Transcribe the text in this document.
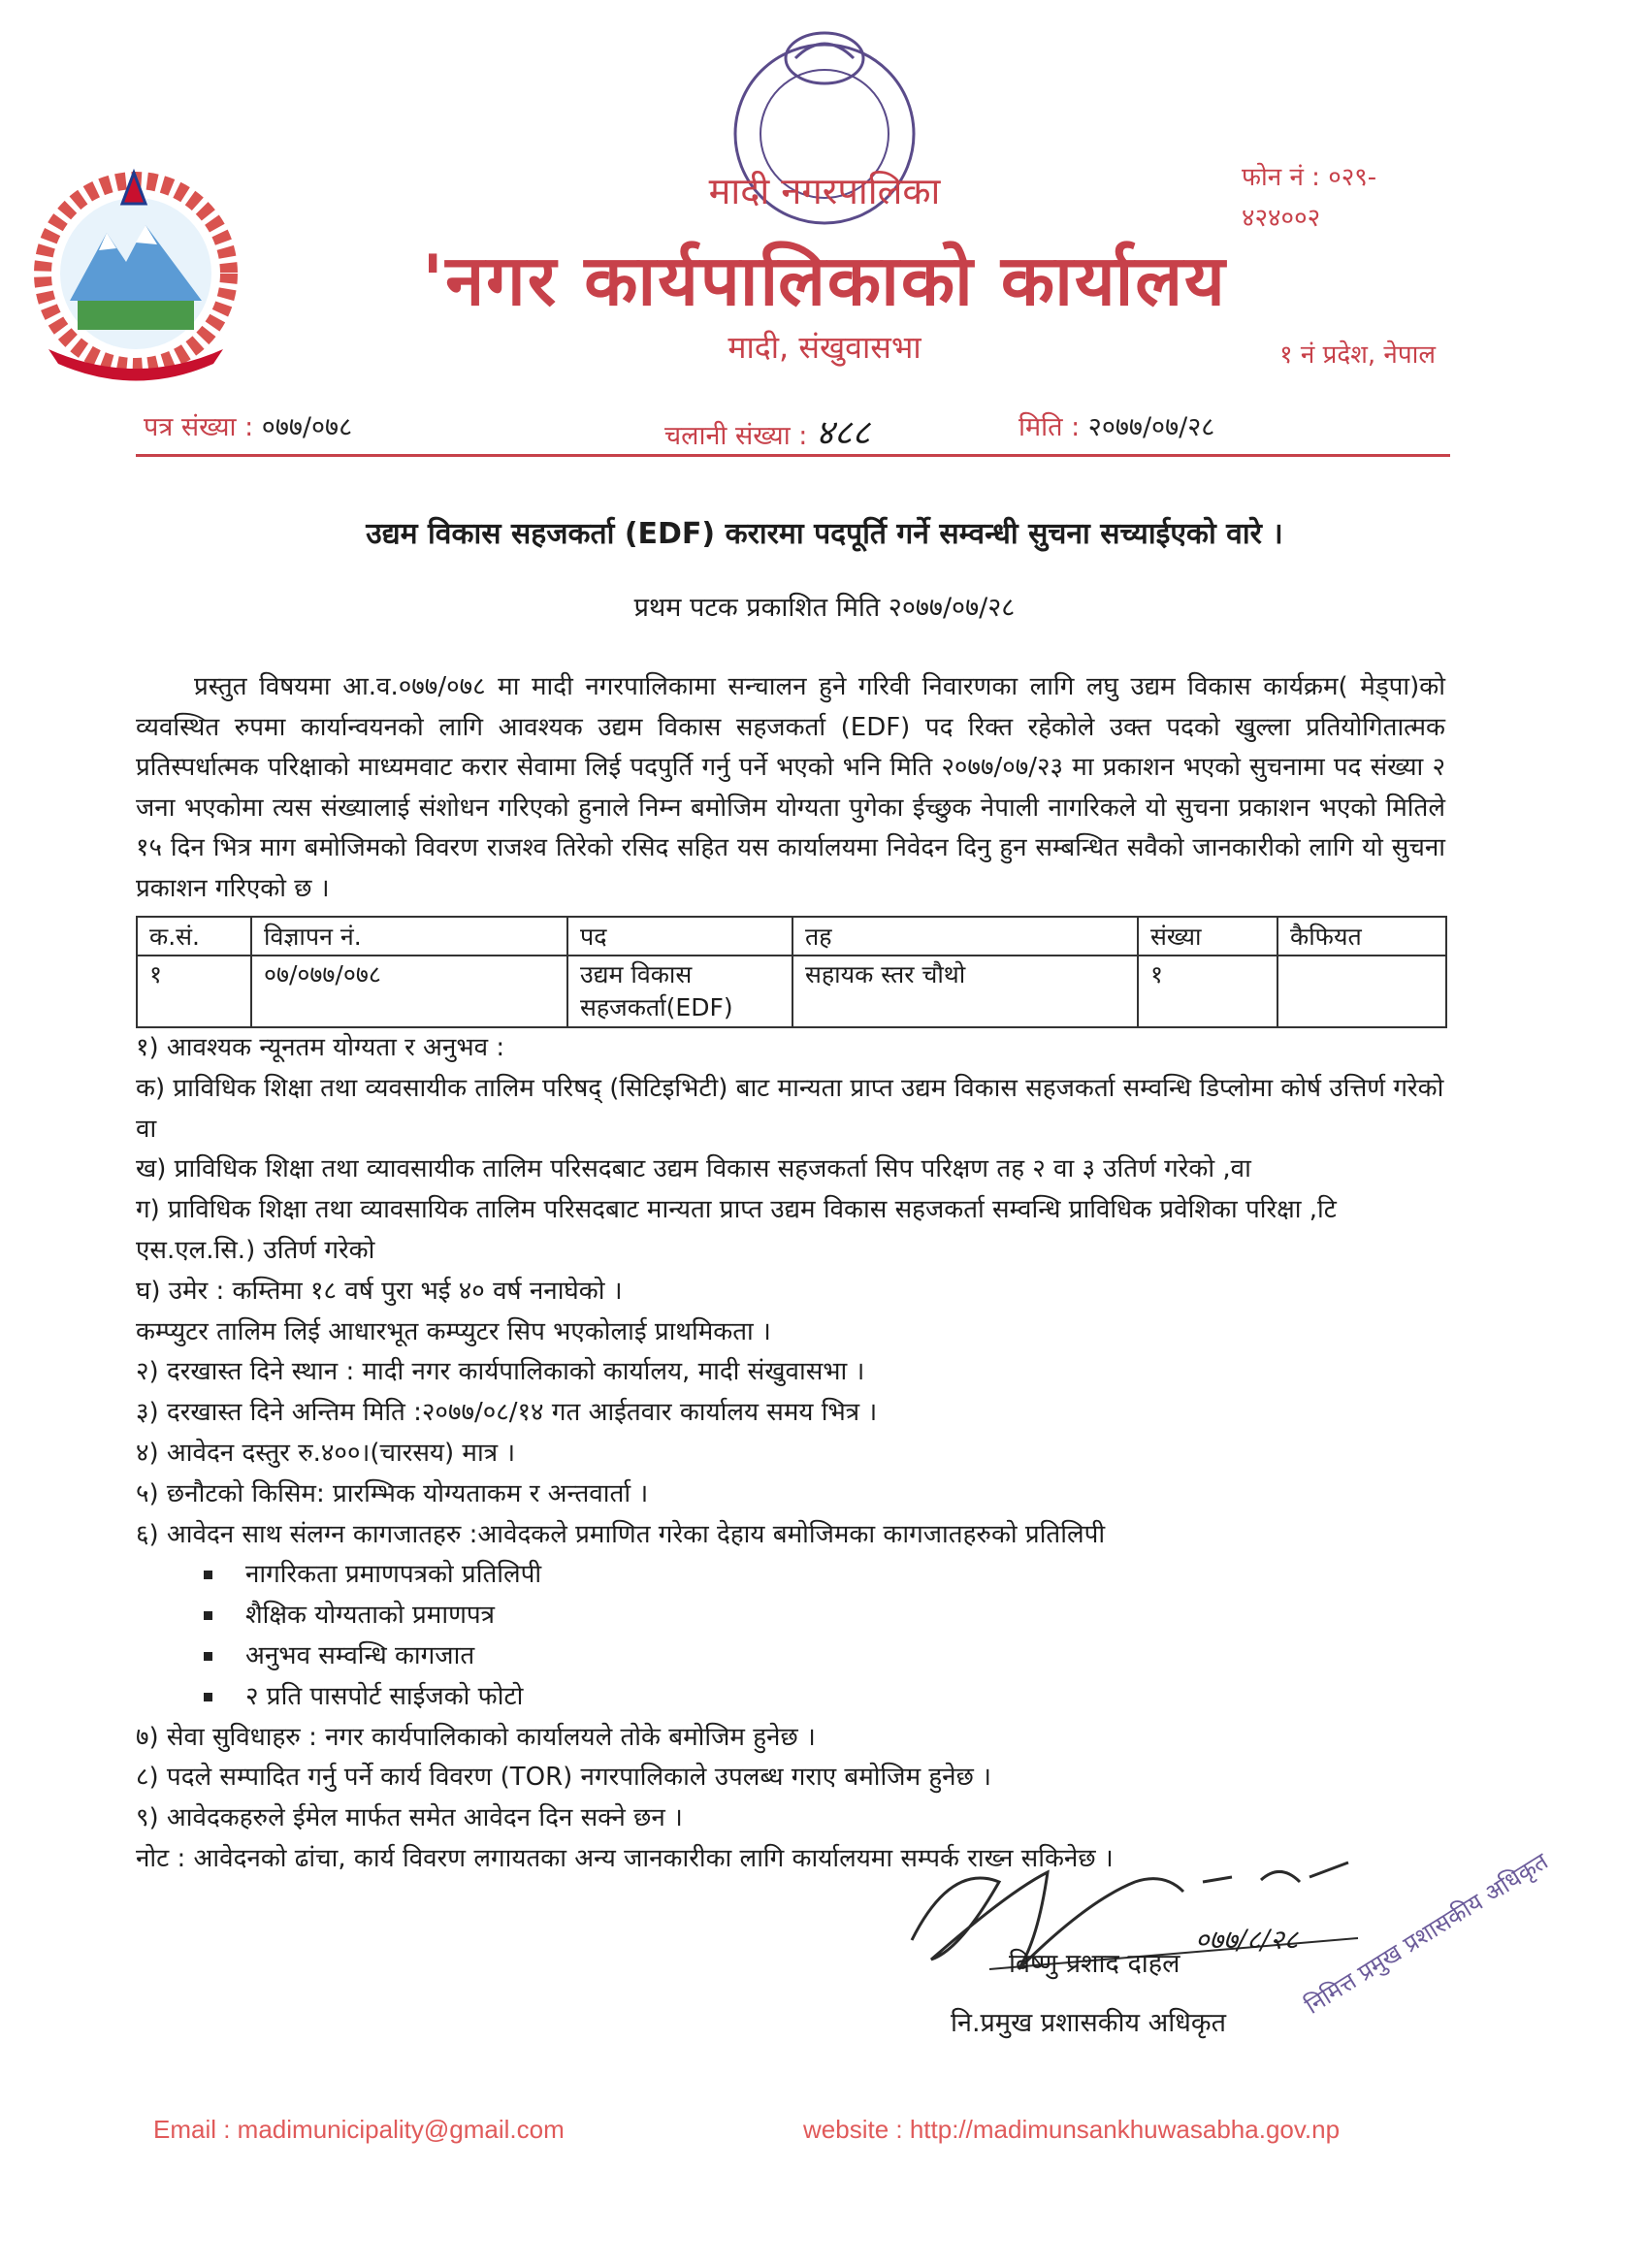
मादी नगरपालिका
'नगर कार्यपालिकाको कार्यालय
मादी, संखुवासभा
फोन नं : ०२९-
४२४००२
१ नं प्रदेश, नेपाल
पत्र संख्या : ०७७/०७८	चलानी संख्या : ४८८	मिति : २०७७/०७/२८
उद्यम विकास सहजकर्ता (EDF) करारमा पदपूर्ति गर्ने सम्वन्धी सुचना सच्याईएको वारे ।
प्रथम पटक प्रकाशित मिति २०७७/०७/२८
प्रस्तुत विषयमा आ.व.०७७/०७८ मा मादी नगरपालिकामा सन्चालन हुने गरिवी निवारणका लागि लघु उद्यम विकास कार्यक्रम( मेड्पा)को व्यवस्थित रुपमा कार्यान्वयनको लागि आवश्यक उद्यम विकास सहजकर्ता (EDF) पद रिक्त रहेकोले उक्त पदको खुल्ला प्रतियोगितात्मक प्रतिस्पर्धात्मक परिक्षाको माध्यमवाट करार सेवामा लिई पदपुर्ति गर्नु पर्ने भएको भनि मिति २०७७/०७/२३ मा प्रकाशन भएको सुचनामा पद संख्या २ जना भएकोमा त्यस संख्यालाई संशोधन गरिएको हुनाले निम्न बमोजिम योग्यता पुगेका ईच्छुक नेपाली नागरिकले यो सुचना प्रकाशन भएको मितिले १५ दिन भित्र माग बमोजिमको विवरण राजश्व तिरेको रसिद सहित यस कार्यालयमा निवेदन दिनु हुन सम्बन्धित सवैको जानकारीको लागि यो सुचना प्रकाशन गरिएको छ ।
क.सं.	विज्ञापन नं.	पद	तह	संख्या	कैफियत
१	०७/०७७/०७८	उद्यम विकास सहजकर्ता(EDF)	सहायक स्तर चौथो	१	

१) आवश्यक न्यूनतम योग्यता र अनुभव :

क) प्राविधिक शिक्षा तथा व्यवसायीक तालिम परिषद् (सिटिइभिटी) बाट मान्यता प्राप्त उद्यम विकास सहजकर्ता सम्वन्धि डिप्लोमा कोर्ष उत्तिर्ण गरेको वा

ख) प्राविधिक शिक्षा तथा व्यावसायीक तालिम परिसदबाट उद्यम विकास सहजकर्ता सिप परिक्षण तह २ वा ३ उतिर्ण गरेको ,वा

ग) प्राविधिक शिक्षा तथा व्यावसायिक तालिम परिसदबाट मान्यता प्राप्त उद्यम विकास सहजकर्ता सम्वन्धि प्राविधिक प्रवेशिका परिक्षा ,टि एस.एल.सि.) उतिर्ण गरेको

घ) उमेर : कम्तिमा १८ वर्ष पुरा भई ४० वर्ष ननाघेको ।

कम्प्युटर तालिम लिई आधारभूत कम्प्युटर सिप भएकोलाई प्राथमिकता ।

२) दरखास्त दिने स्थान : मादी नगर कार्यपालिकाको कार्यालय, मादी संखुवासभा ।

३) दरखास्त दिने अन्तिम मिति :२०७७/०८/१४ गत आईतवार कार्यालय समय भित्र ।

४) आवेदन दस्तुर रु.४००।(चारसय) मात्र ।

५) छनौटको किसिम: प्रारम्भिक योग्यताकम र अन्तवार्ता ।

६) आवेदन साथ संलग्न कागजातहरु :आवेदकले प्रमाणित गरेका देहाय बमोजिमका कागजातहरुको प्रतिलिपी

नागरिकता प्रमाणपत्रको प्रतिलिपी

शैक्षिक योग्यताको प्रमाणपत्र

अनुभव सम्वन्धि कागजात

२ प्रति पासपोर्ट साईजको फोटो

७) सेवा सुविधाहरु : नगर कार्यपालिकाको कार्यालयले तोके बमोजिम हुनेछ ।

८) पदले सम्पादित गर्नु पर्ने कार्य विवरण (TOR) नगरपालिकाले उपलब्ध गराए बमोजिम हुनेछ ।

९) आवेदकहरुले ईमेल मार्फत समेत आवेदन दिन सक्ने छन ।

नोट : आवेदनको ढांचा, कार्य विवरण लगायतका अन्य जानकारीका लागि कार्यालयमा सम्पर्क राख्न सकिनेछ ।	निमित्त प्रमुख प्रशासकीय अधिकृत
०७७/८/२८
विष्णु प्रशाद दाहल
नि.प्रमुख प्रशासकीय अधिकृत
Email : madimunicipality@gmail.com	website : http://madimunsankhuwasabha.gov.np
